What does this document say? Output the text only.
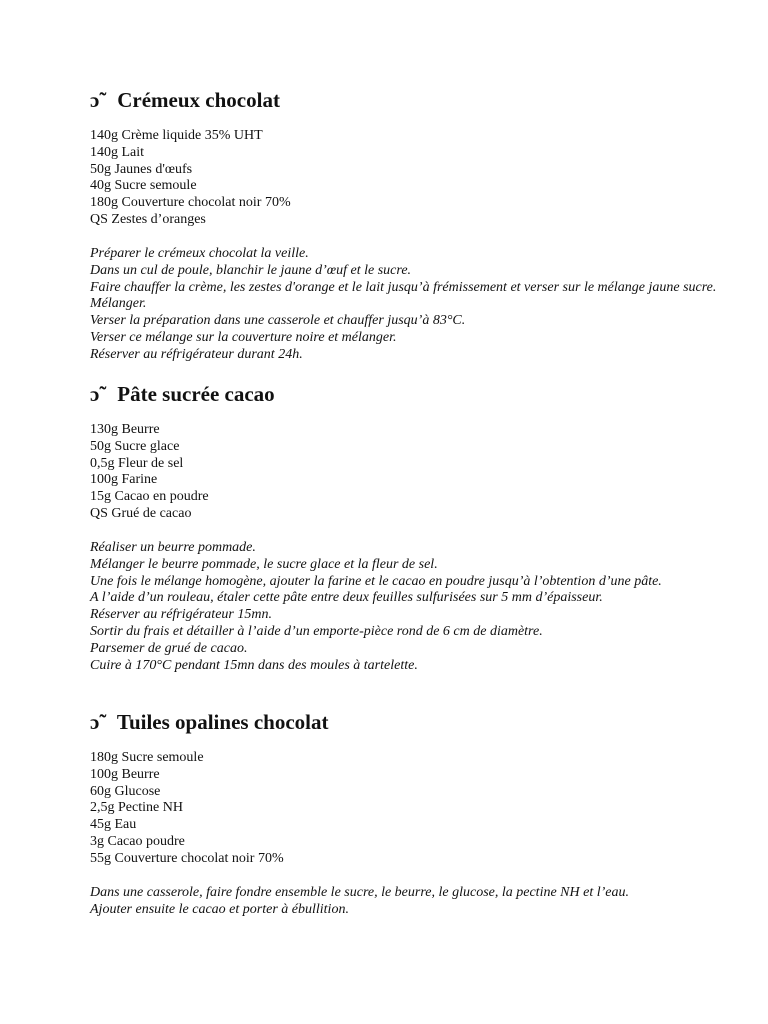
ɔ̃ Crémeux chocolat
140g Crème liquide 35% UHT
140g Lait
50g Jaunes d'œufs
40g Sucre semoule
180g Couverture chocolat noir 70%
QS Zestes d’oranges
Préparer le crémeux chocolat la veille.
Dans un cul de poule, blanchir le jaune d’œuf et le sucre.
Faire chauffer la crème, les zestes d'orange et le lait jusqu’à frémissement et verser sur le mélange jaune sucre. Mélanger.
Verser la préparation dans une casserole et chauffer jusqu’à 83°C.
Verser ce mélange sur la couverture noire et mélanger.
Réserver au réfrigérateur durant 24h.
ɔ̃ Pâte sucrée cacao
130g Beurre
50g Sucre glace
0,5g Fleur de sel
100g Farine
15g Cacao en poudre
QS Grué de cacao
Réaliser un beurre pommade.
Mélanger le beurre pommade, le sucre glace et la fleur de sel.
Une fois le mélange homogène, ajouter la farine et le cacao en poudre jusqu’à l’obtention d’une pâte.
A l’aide d’un rouleau, étaler cette pâte entre deux feuilles sulfurisées sur 5 mm d’épaisseur.
Réserver au réfrigérateur 15mn.
Sortir du frais et détailler à l’aide d’un emporte-pièce rond de 6 cm de diamètre.
Parsemer de grué de cacao.
Cuire à 170°C pendant 15mn dans des moules à tartelette.
ɔ̃ Tuiles opalines chocolat
180g Sucre semoule
100g Beurre
60g Glucose
2,5g Pectine NH
45g Eau
3g Cacao poudre
55g Couverture chocolat noir 70%
Dans une casserole, faire fondre ensemble le sucre, le beurre, le glucose, la pectine NH et l’eau.
Ajouter ensuite le cacao et porter à ébullition.
